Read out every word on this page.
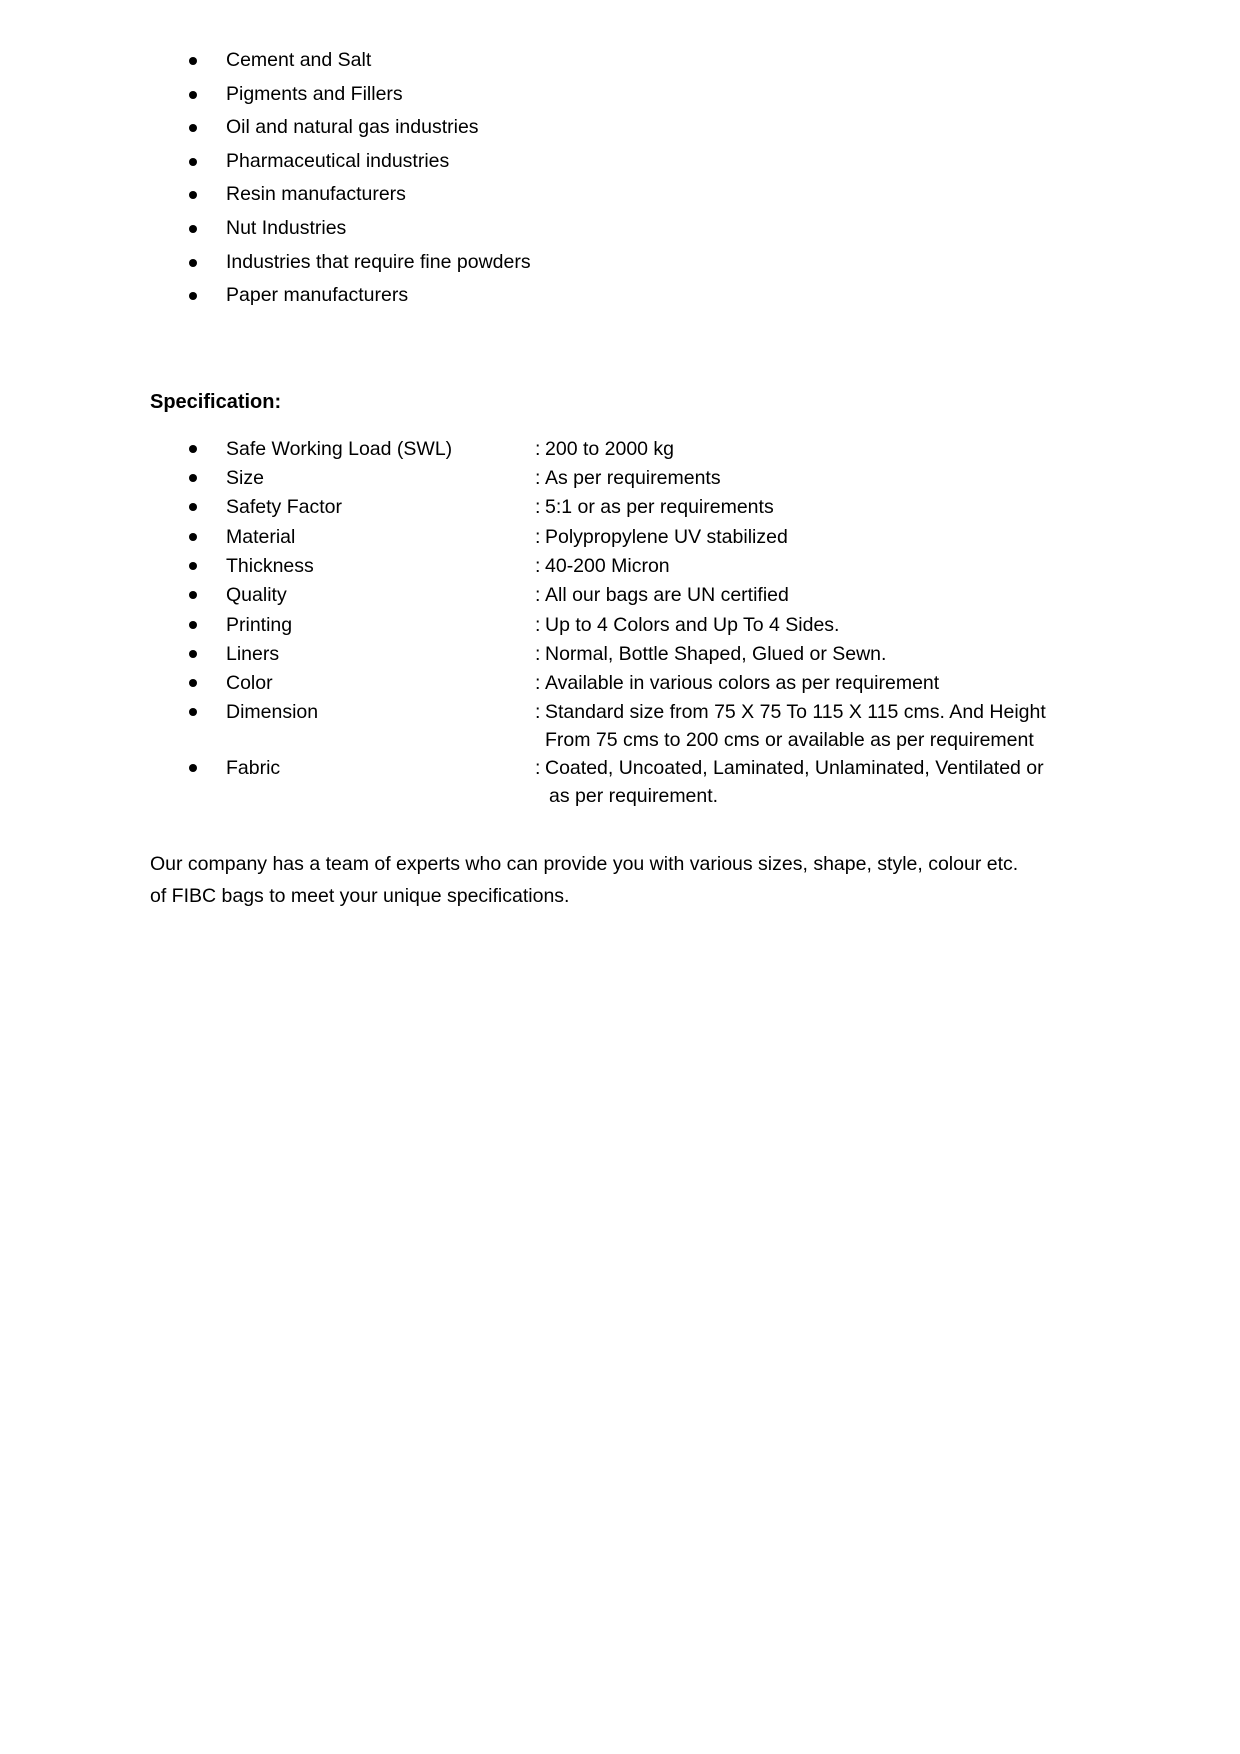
Cement and Salt
Pigments and Fillers
Oil and natural gas industries
Pharmaceutical industries
Resin manufacturers
Nut Industries
Industries that require fine powders
Paper manufacturers
Specification:
Safe Working Load (SWL)	: 200 to 2000 kg
Size	: As per requirements
Safety Factor	: 5:1 or as per requirements
Material	: Polypropylene UV stabilized
Thickness	: 40-200 Micron
Quality	: All our bags are UN certified
Printing	: Up to 4 Colors and Up To 4 Sides.
Liners	: Normal, Bottle Shaped, Glued or Sewn.
Color	: Available in various colors as per requirement
Dimension	: Standard size from 75 X 75 To 115 X 115 cms. And Height
From 75 cms to 200 cms or available as per requirement
Fabric	: Coated, Uncoated, Laminated, Unlaminated, Ventilated or
as per requirement.
Our company has a team of experts who can provide you with various sizes, shape, style, colour etc.
of FIBC bags to meet your unique specifications.
